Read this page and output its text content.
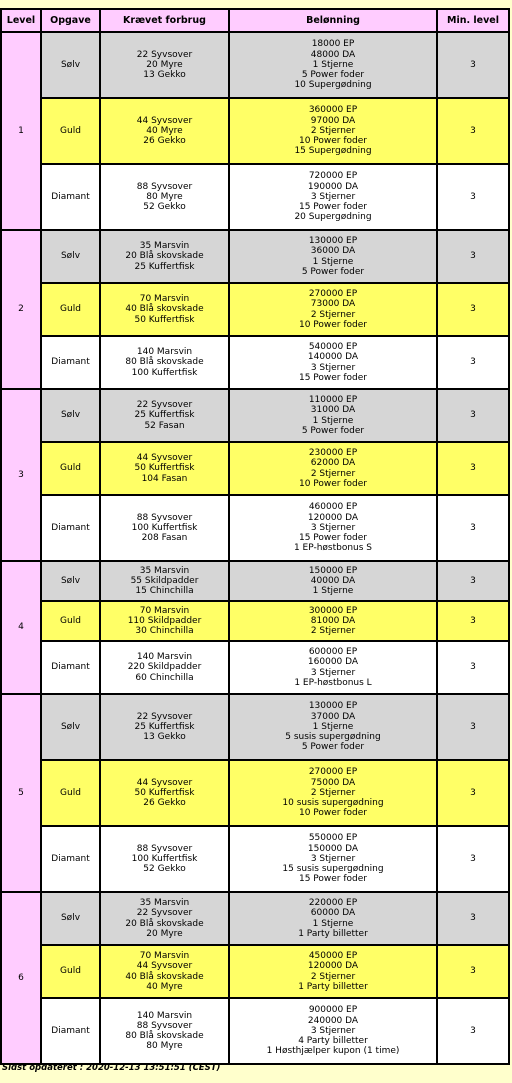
Level	Opgave	Krævet forbrug	Belønning	Min. level
1	Sølv	22 Syvsover
20 Myre
13 Gekko	18000 EP
48000 DA
1 Stjerne
5 Power foder
10 Supergødning	3
	Guld	44 Syvsover
40 Myre
26 Gekko	360000 EP
97000 DA
2 Stjerner
10 Power foder
15 Supergødning	3
	Diamant	88 Syvsover
80 Myre
52 Gekko	720000 EP
190000 DA
3 Stjerner
15 Power foder
20 Supergødning	3
2	Sølv	35 Marsvin
20 Blå skovskade
25 Kuffertfisk	130000 EP
36000 DA
1 Stjerne
5 Power foder	3
	Guld	70 Marsvin
40 Blå skovskade
50 Kuffertfisk	270000 EP
73000 DA
2 Stjerner
10 Power foder	3
	Diamant	140 Marsvin
80 Blå skovskade
100 Kuffertfisk	540000 EP
140000 DA
3 Stjerner
15 Power foder	3
3	Sølv	22 Syvsover
25 Kuffertfisk
52 Fasan	110000 EP
31000 DA
1 Stjerne
5 Power foder	3
	Guld	44 Syvsover
50 Kuffertfisk
104 Fasan	230000 EP
62000 DA
2 Stjerner
10 Power foder	3
	Diamant	88 Syvsover
100 Kuffertfisk
208 Fasan	460000 EP
120000 DA
3 Stjerner
15 Power foder
1 EP-høstbonus S	3
4	Sølv	35 Marsvin
55 Skildpadder
15 Chinchilla	150000 EP
40000 DA
1 Stjerne	3
	Guld	70 Marsvin
110 Skildpadder
30 Chinchilla	300000 EP
81000 DA
2 Stjerner	3
	Diamant	140 Marsvin
220 Skildpadder
60 Chinchilla	600000 EP
160000 DA
3 Stjerner
1 EP-høstbonus L	3
5	Sølv	22 Syvsover
25 Kuffertfisk
13 Gekko	130000 EP
37000 DA
1 Stjerne
5 susis supergødning
5 Power foder	3
	Guld	44 Syvsover
50 Kuffertfisk
26 Gekko	270000 EP
75000 DA
2 Stjerner
10 susis supergødning
10 Power foder	3
	Diamant	88 Syvsover
100 Kuffertfisk
52 Gekko	550000 EP
150000 DA
3 Stjerner
15 susis supergødning
15 Power foder	3
6	Sølv	35 Marsvin
22 Syvsover
20 Blå skovskade
20 Myre	220000 EP
60000 DA
1 Stjerne
1 Party billetter	3
	Guld	70 Marsvin
44 Syvsover
40 Blå skovskade
40 Myre	450000 EP
120000 DA
2 Stjerner
1 Party billetter	3
	Diamant	140 Marsvin
88 Syvsover
80 Blå skovskade
80 Myre	900000 EP
240000 DA
3 Stjerner
4 Party billetter
1 Høsthjælper kupon (1 time)	3
Sidst opdateret : 2020-12-13 13:51:51 (CEST)
